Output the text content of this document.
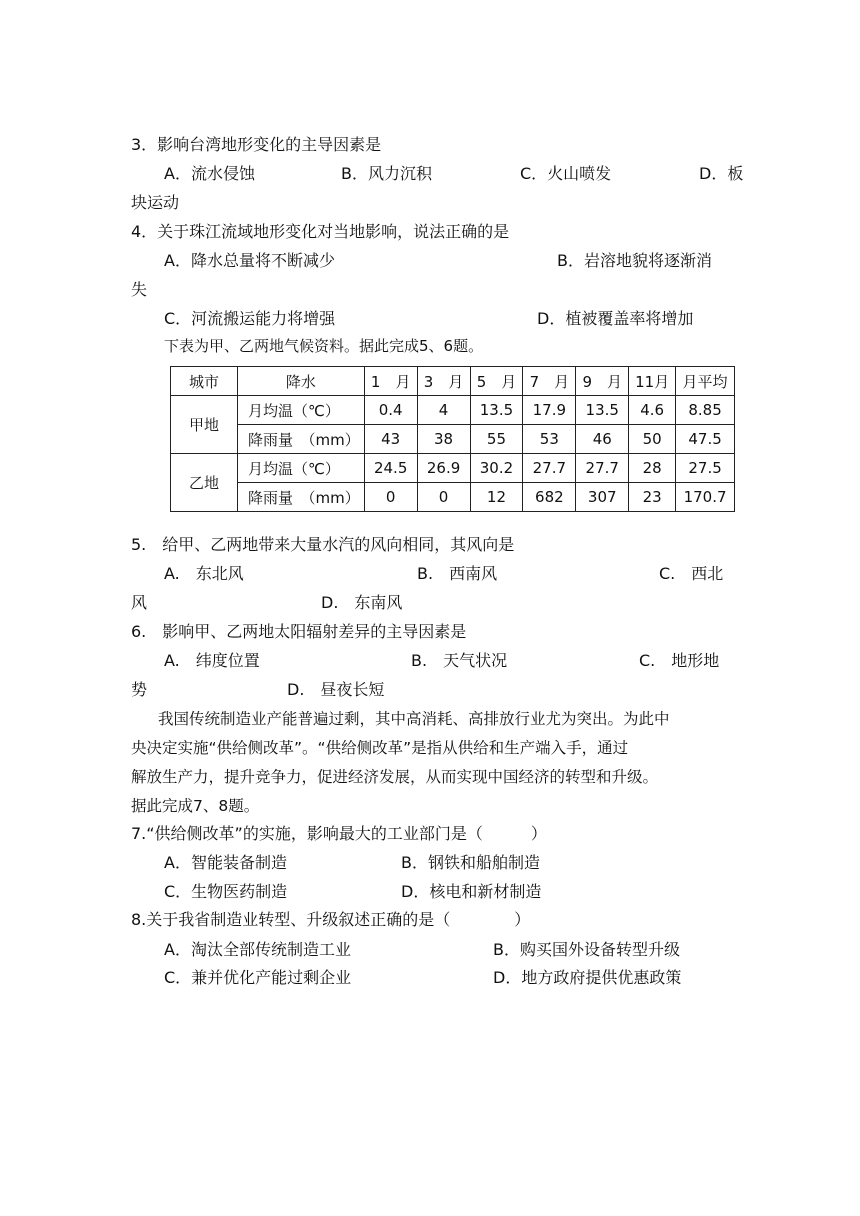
3．影响台湾地形变化的主导因素是
A．流水侵蚀	B．风力沉积	C．火山喷发	D．板
块运动
4．关于珠江流域地形变化对当地影响，说法正确的是
A．降水总量将不断减少	B．岩溶地貌将逐渐消
失
C．河流搬运能力将增强	D．植被覆盖率将增加
下表为甲、乙两地气候资料。据此完成5、6题。
城市	降水	1　月	3　月	5　月	7　月	9　月	11月	月平均
甲地	月均温（℃）	0.4	4	13.5	17.9	13.5	4.6	8.85
	降雨量　（mm）	43	38	55	53	46	50	47.5
乙地	月均温（℃）	24.5	26.9	30.2	27.7	27.7	28	27.5
	降雨量　（mm）	0	0	12	682	307	23	170.7
5.　给甲、乙两地带来大量水汽的风向相同，其风向是
A.　东北风	B.　西南风	C.　西北
风	D.　东南风
6.　影响甲、乙两地太阳辐射差异的主导因素是
A.　纬度位置	B.　天气状况	C.　地形地
势	D.　昼夜长短
我国传统制造业产能普遍过剩，其中高消耗、高排放行业尤为突出。为此中
央决定实施“供给侧改革”。“供给侧改革”是指从供给和生产端入手，通过
解放生产力，提升竞争力，促进经济发展，从而实现中国经济的转型和升级。
据此完成7、8题。
7.“供给侧改革”的实施，影响最大的工业部门是（　　　）
A．智能装备制造	B．钢铁和船舶制造
C．生物医药制造	D．核电和新材制造
8.关于我省制造业转型、升级叙述正确的是（　　　　）
A．淘汰全部传统制造工业	B．购买国外设备转型升级
C．兼并优化产能过剩企业	D．地方政府提供优惠政策
